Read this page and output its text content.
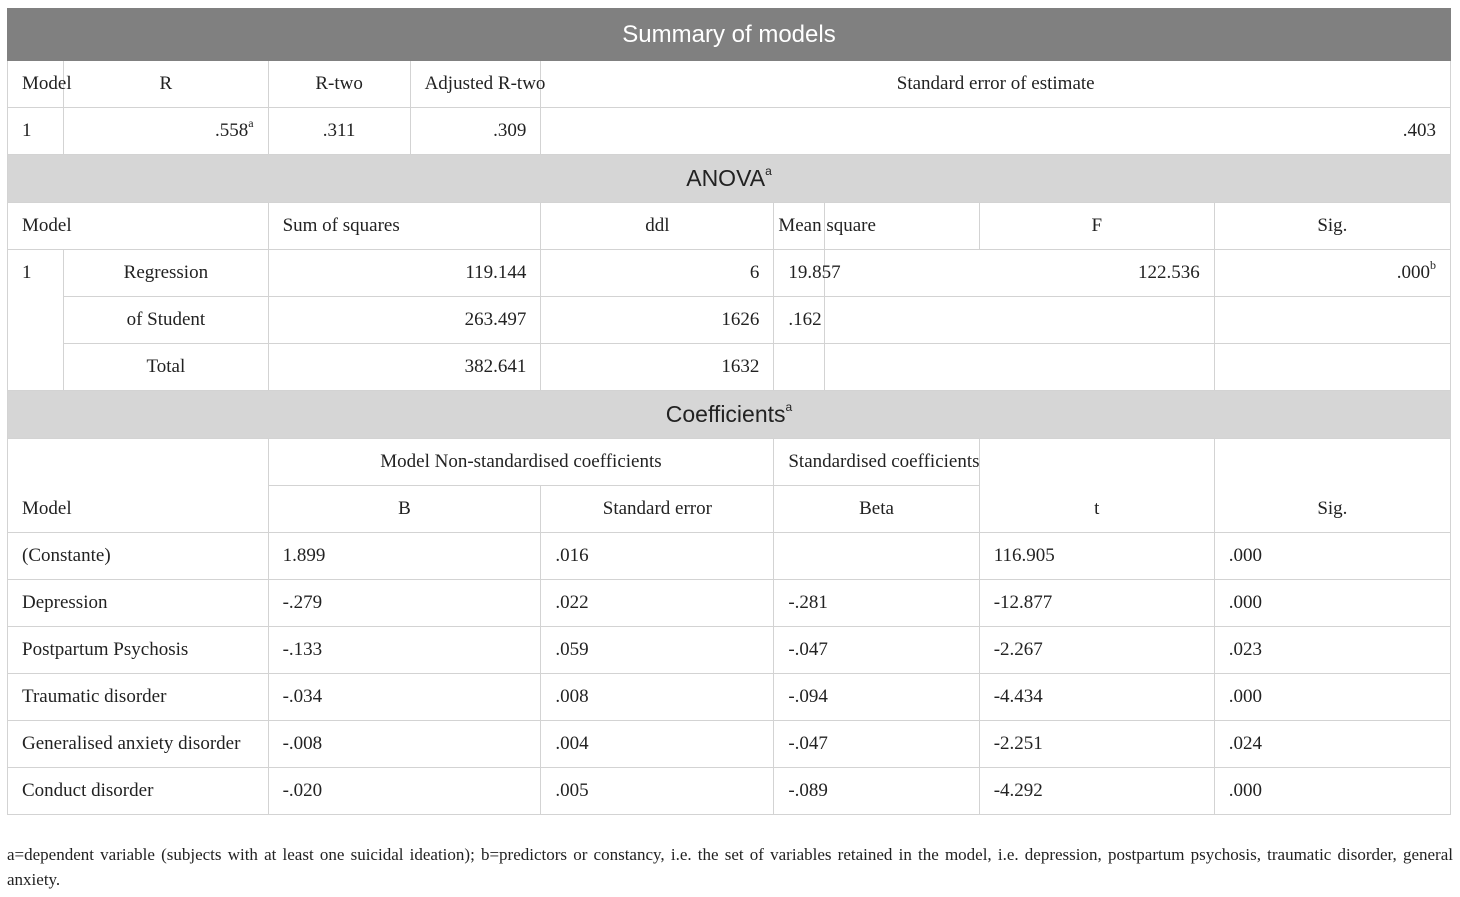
Summary of models								
Model	R	R-two	Adjusted R-two	Standard error of estimate				
1	.558$^a$	.311	.309	.403				
ANOVA$^a$
Model		Sum of squares		ddl	Mean square		F	Sig.
1	Regression	119.144		6	19.857	122.536		.000$^b$
	of Student	263.497		1626	.162			
	Total	382.641		1632				
Coefficients$^a$
Model		Model Non-standardised coefficients			Standardised coefficients		t	Sig.
		B		Standard error	Beta			
(Constante)		1.899		.016			116.905	.000
Depression		-.279		.022	-.281		-12.877	.000
Postpartum Psychosis		-.133		.059	-.047		-2.267	.023
Traumatic disorder		-.034		.008	-.094		-4.434	.000
Generalised anxiety disorder		-.008		.004	-.047		-2.251	.024
Conduct disorder		-.020		.005	-.089		-4.292	.000
a=dependent variable (subjects with at least one suicidal ideation); b=predictors or constancy, i.e. the set of variables retained in the model, i.e. depression, postpartum psychosis, traumatic disorder, general anxiety.
